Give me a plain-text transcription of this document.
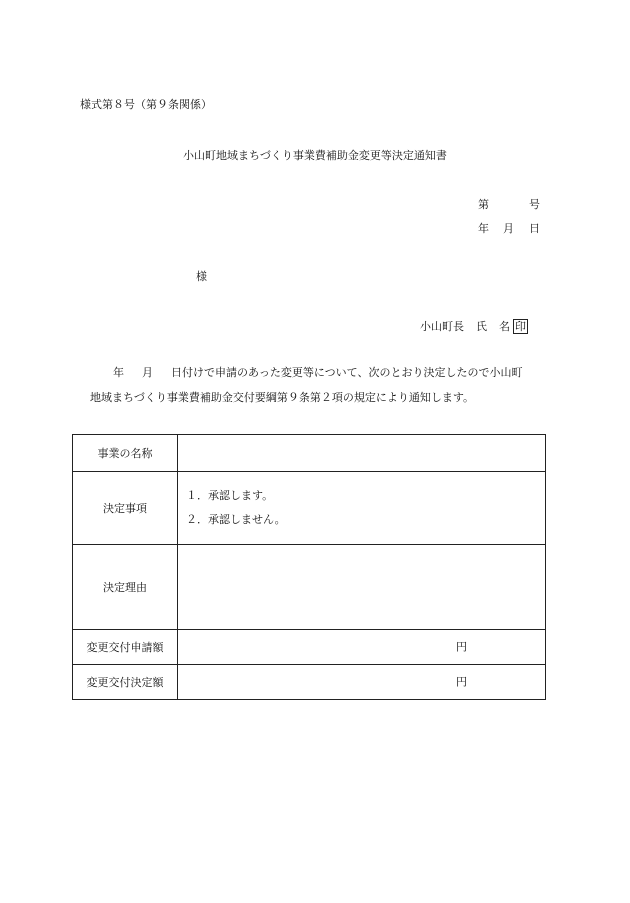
様式第８号（第９条関係）
小山町地域まちづくり事業費補助金変更等決定通知書
第	号
年 月 日
様
小山町長 氏 名 印
年 月 日付けで申請のあった変更等について、次のとおり決定したので小山町
地域まちづくり事業費補助金交付要綱第９条第２項の規定により通知します。
事業の名称	
決定事項	１．承認します。
２．承認しません。

決定理由	
変更交付申請額	円

変更交付決定額	円
